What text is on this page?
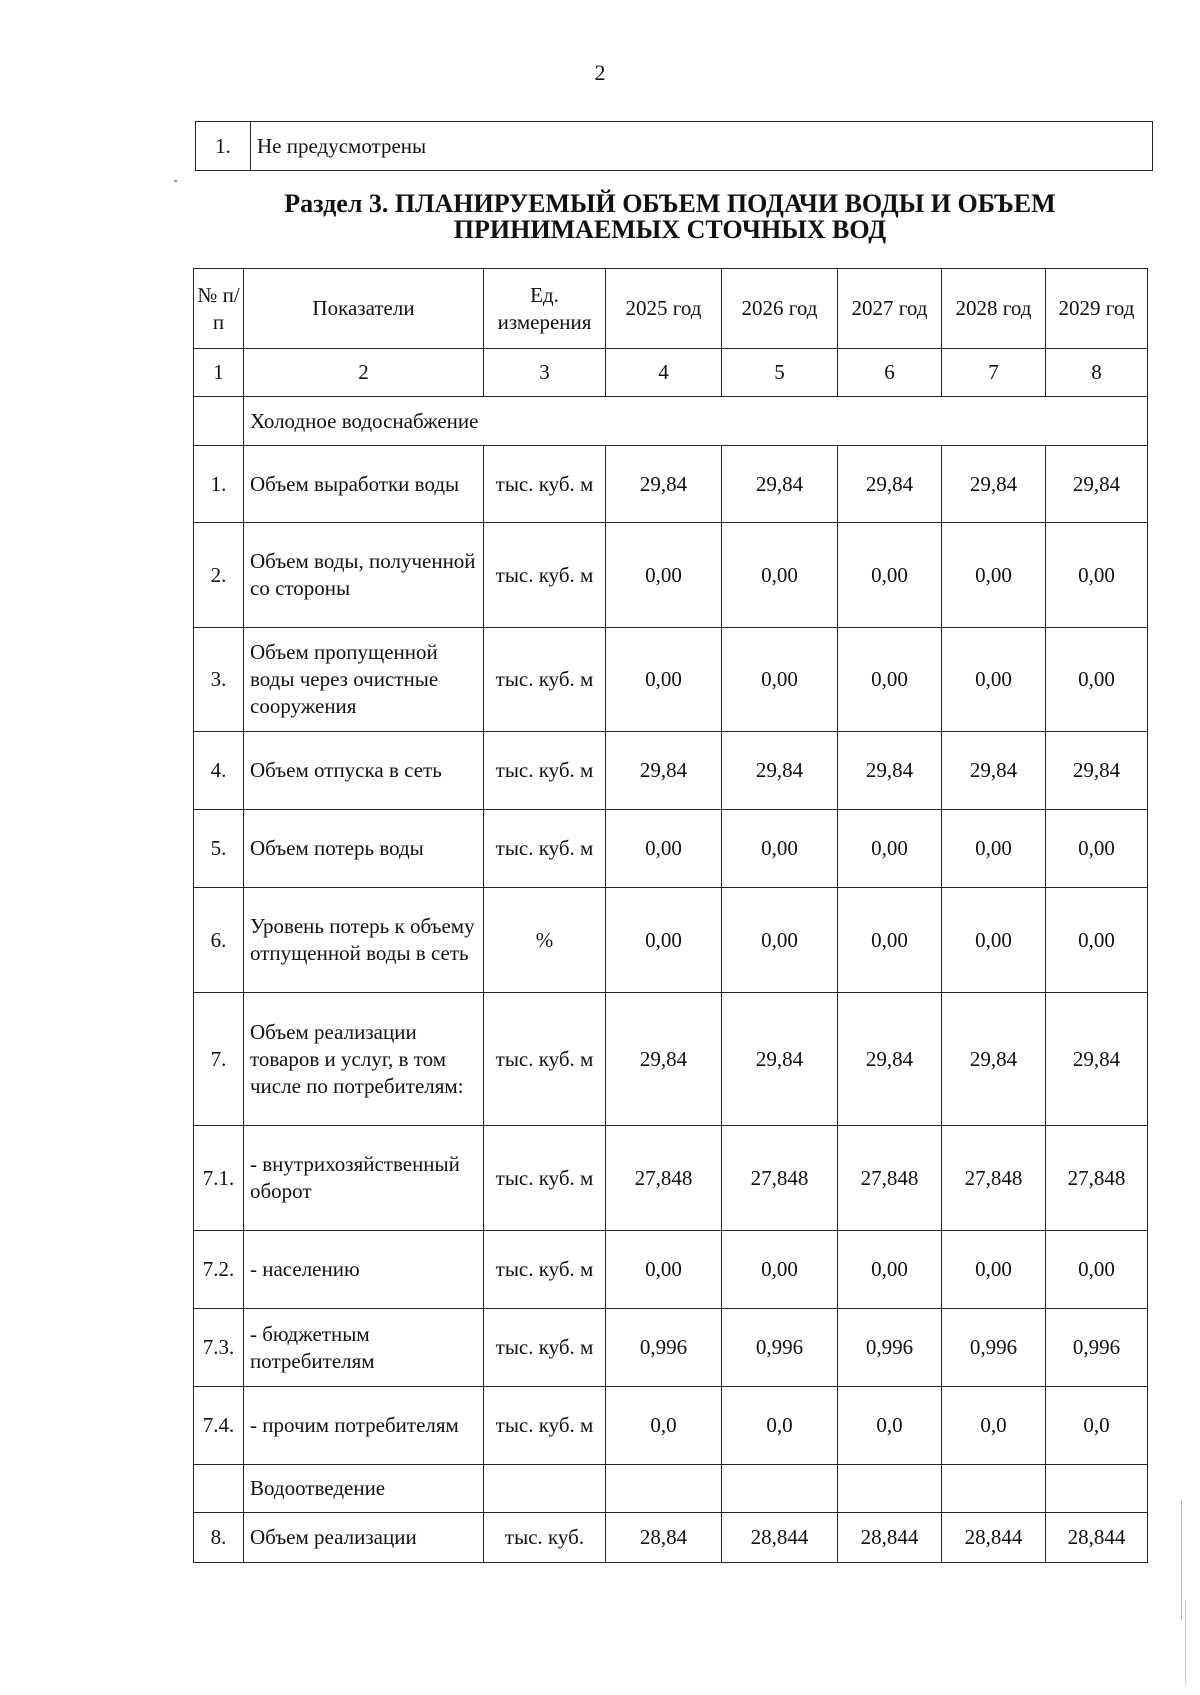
2
1.	Не предусмотрены
Раздел 3. ПЛАНИРУЕМЫЙ ОБЪЕМ ПОДАЧИ ВОДЫ И ОБЪЕМ
ПРИНИМАЕМЫХ СТОЧНЫХ ВОД
№ п/п	Показатели	Ед. измерения	2025 год	2026 год	2027 год	2028 год	2029 год
1	2	3	4	5	6	7	8
	Холодное водоснабжение						
1.	Объем выработки воды	тыс. куб. м	29,84	29,84	29,84	29,84	29,84
2.	Объем воды, полученной со стороны	тыс. куб. м	0,00	0,00	0,00	0,00	0,00
3.	Объем пропущенной воды через очистные сооружения	тыс. куб. м	0,00	0,00	0,00	0,00	0,00
4.	Объем отпуска в сеть	тыс. куб. м	29,84	29,84	29,84	29,84	29,84
5.	Объем потерь воды	тыс. куб. м	0,00	0,00	0,00	0,00	0,00
6.	Уровень потерь к объему отпущенной воды в сеть	%	0,00	0,00	0,00	0,00	0,00
7.	Объем реализации товаров и услуг, в том числе по потребителям:	тыс. куб. м	29,84	29,84	29,84	29,84	29,84
7.1.	- внутрихозяйственный оборот	тыс. куб. м	27,848	27,848	27,848	27,848	27,848
7.2.	- населению	тыс. куб. м	0,00	0,00	0,00	0,00	0,00
7.3.	- бюджетным потребителям	тыс. куб. м	0,996	0,996	0,996	0,996	0,996
7.4.	- прочим потребителям	тыс. куб. м	0,0	0,0	0,0	0,0	0,0
	Водоотведение						
8.	Объем реализации	тыс. куб.	28,84	28,844	28,844	28,844	28,844
